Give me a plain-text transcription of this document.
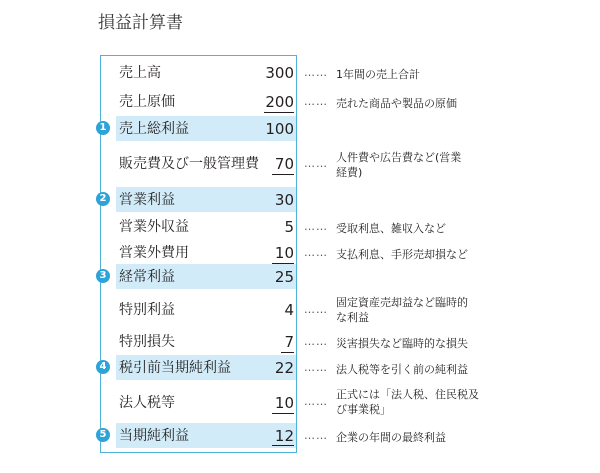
損益計算書
売上高	300 …… 1年間の売上合計
売上原価	200 …… 売れた商品や製品の原価
1 売上総利益	100
販売費及び一般管理費 70 …… 人件費や広告費など(営業
経費)
2 営業利益	30
営業外収益	5 …… 受取利息、雑収入など
営業外費用	10 …… 支払利息、手形売却損など
3 経常利益	25
特別利益	4 ……
固定資産売却益など臨時的
な利益
特別損失	7 …… 災害損失など臨時的な損失
4 税引前当期純利益	22 …… 法人税等を引く前の純利益
法人税等	10 ……
正式には「法人税、住民税及
び事業税」
5 当期純利益	12 …… 企業の年間の最終利益
